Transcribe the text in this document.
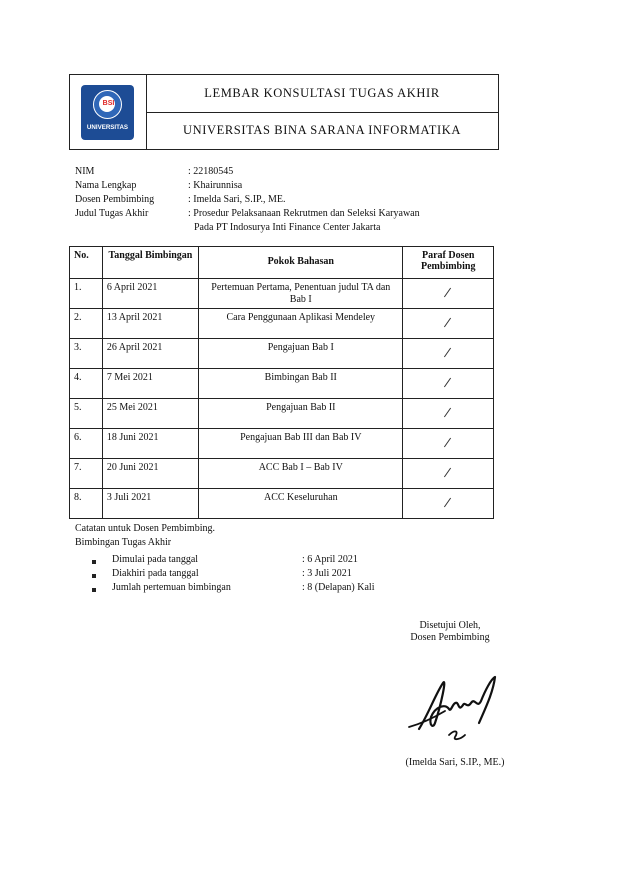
BSI
UNIVERSITAS
LEMBAR KONSULTASI TUGAS AKHIR
UNIVERSITAS BINA SARANA INFORMATIKA
NIM	: 22180545
Nama Lengkap	: Khairunnisa
Dosen Pembimbing	: Imelda Sari, S.IP., ME.
Judul Tugas Akhir	: Prosedur Pelaksanaan Rekrutmen dan Seleksi Karyawan
Pada PT Indosurya Inti Finance Center Jakarta
No.	Tanggal Bimbingan	Pokok Bahasan	Paraf Dosen Pembimbing
1.	6 April 2021	Pertemuan Pertama, Penentuan judul TA dan Bab I	
2.	13 April 2021	Cara Penggunaan Aplikasi Mendeley	
3.	26 April 2021	Pengajuan Bab I	
4.	7 Mei 2021	Bimbingan Bab II	
5.	25 Mei 2021	Pengajuan Bab II	
6.	18 Juni 2021	Pengajuan Bab III dan Bab IV	
7.	20 Juni 2021	ACC Bab I – Bab IV	
8.	3 Juli 2021	ACC Keseluruhan	
Catatan untuk Dosen Pembimbing.
Bimbingan Tugas Akhir
Dimulai pada tanggal	: 6 April 2021
Diakhiri pada tanggal	: 3 Juli 2021
Jumlah pertemuan bimbingan	: 8 (Delapan) Kali
Disetujui Oleh,
Dosen Pembimbing
(Imelda Sari, S.IP., ME.)
